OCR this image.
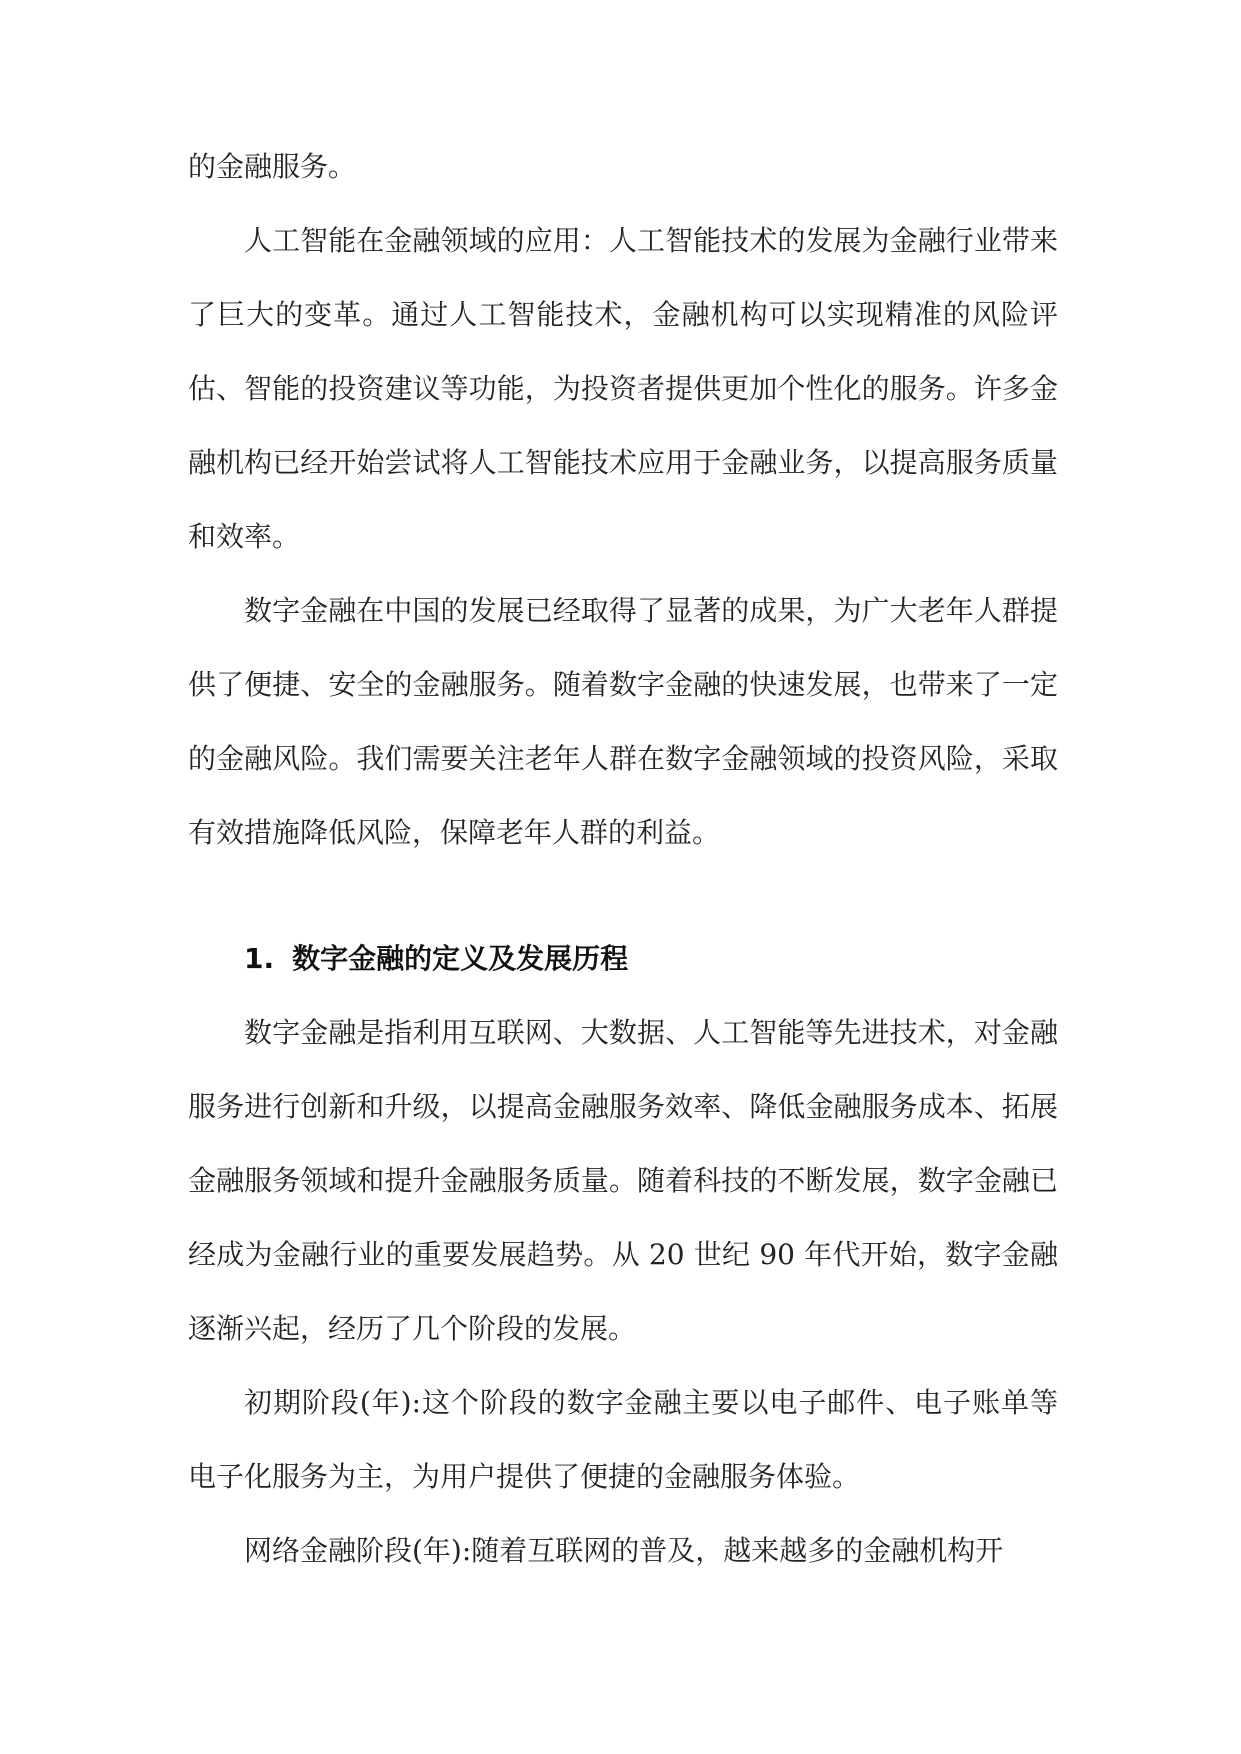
的金融服务。

人工智能在金融领域的应用：人工智能技术的发展为金融行业带来了巨大的变革。通过人工智能技术，金融机构可以实现精准的风险评估、智能的投资建议等功能，为投资者提供更加个性化的服务。许多金融机构已经开始尝试将人工智能技术应用于金融业务，以提高服务质量和效率。

数字金融在中国的发展已经取得了显著的成果，为广大老年人群提供了便捷、安全的金融服务。随着数字金融的快速发展，也带来了一定的金融风险。我们需要关注老年人群在数字金融领域的投资风险，采取有效措施降低风险，保障老年人群的利益。

1. 数字金融的定义及发展历程

数字金融是指利用互联网、大数据、人工智能等先进技术，对金融服务进行创新和升级，以提高金融服务效率、降低金融服务成本、拓展金融服务领域和提升金融服务质量。随着科技的不断发展，数字金融已经成为金融行业的重要发展趋势。从 20 世纪 90 年代开始，数字金融逐渐兴起，经历了几个阶段的发展。

初期阶段(年):这个阶段的数字金融主要以电子邮件、电子账单等电子化服务为主，为用户提供了便捷的金融服务体验。

网络金融阶段(年):随着互联网的普及，越来越多的金融机构开
